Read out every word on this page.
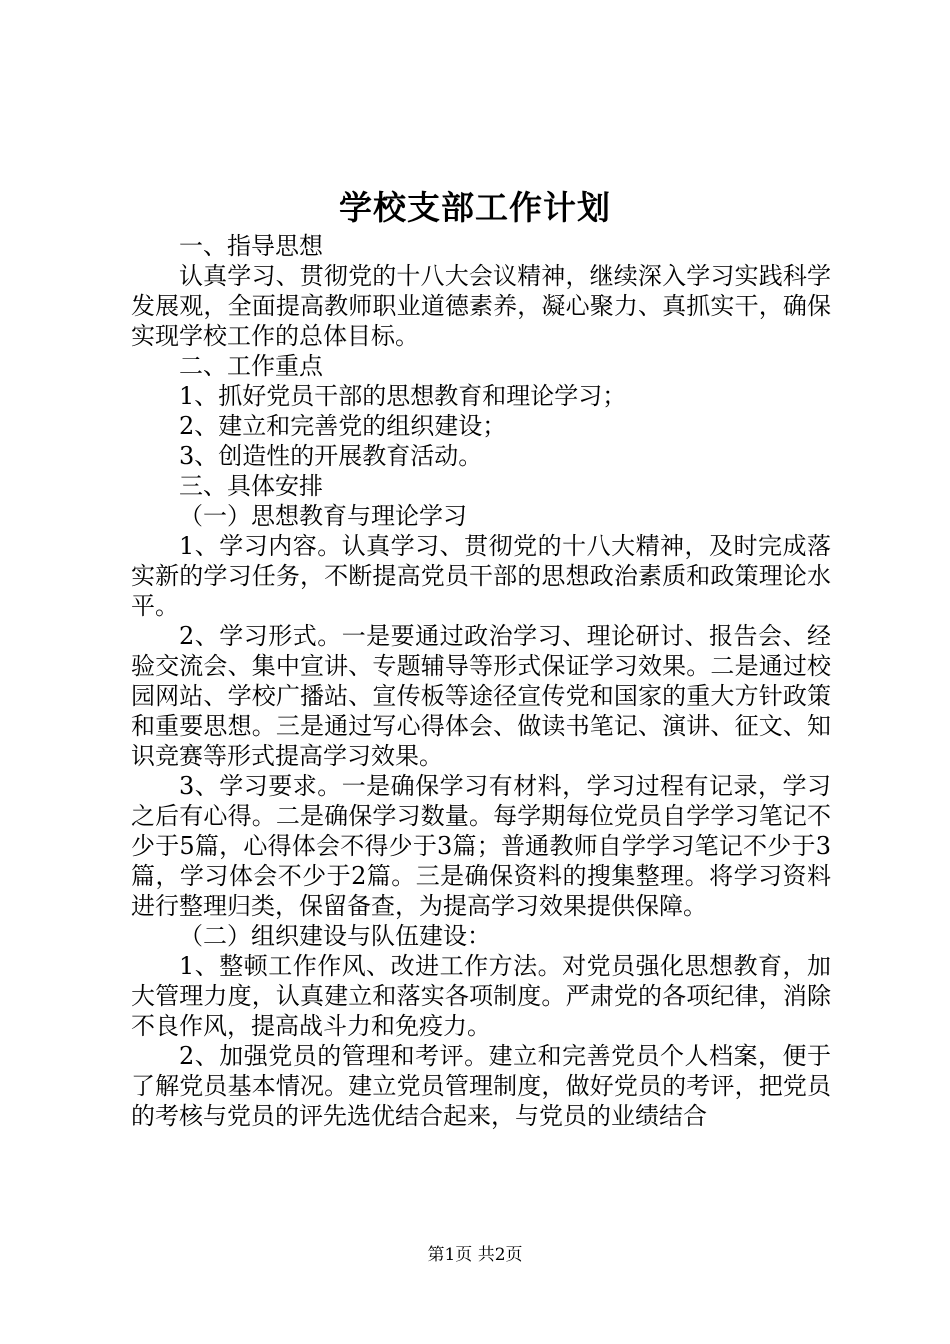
学校支部工作计划

一、指导思想

认真学习、贯彻党的十八大会议精神，继续深入学习实践科学发展观，全面提高教师职业道德素养，凝心聚力、真抓实干，确保实现学校工作的总体目标。

二、工作重点

1、抓好党员干部的思想教育和理论学习；

2、建立和完善党的组织建设；

3、创造性的开展教育活动。

三、具体安排

（一）思想教育与理论学习

1、学习内容。认真学习、贯彻党的十八大精神，及时完成落实新的学习任务，不断提高党员干部的思想政治素质和政策理论水平。

2、学习形式。一是要通过政治学习、理论研讨、报告会、经验交流会、集中宣讲、专题辅导等形式保证学习效果。二是通过校园网站、学校广播站、宣传板等途径宣传党和国家的重大方针政策和重要思想。三是通过写心得体会、做读书笔记、演讲、征文、知识竞赛等形式提高学习效果。

3、学习要求。一是确保学习有材料，学习过程有记录，学习之后有心得。二是确保学习数量。每学期每位党员自学学习笔记不少于5篇，心得体会不得少于3篇；普通教师自学学习笔记不少于3篇，学习体会不少于2篇。三是确保资料的搜集整理。将学习资料进行整理归类，保留备查，为提高学习效果提供保障。

（二）组织建设与队伍建设：

1、整顿工作作风、改进工作方法。对党员强化思想教育，加大管理力度，认真建立和落实各项制度。严肃党的各项纪律，消除不良作风，提高战斗力和免疫力。

2、加强党员的管理和考评。建立和完善党员个人档案，便于了解党员基本情况。建立党员管理制度，做好党员的考评，把党员的考核与党员的评先选优结合起来，与党员的业绩结合

第1页 共2页
